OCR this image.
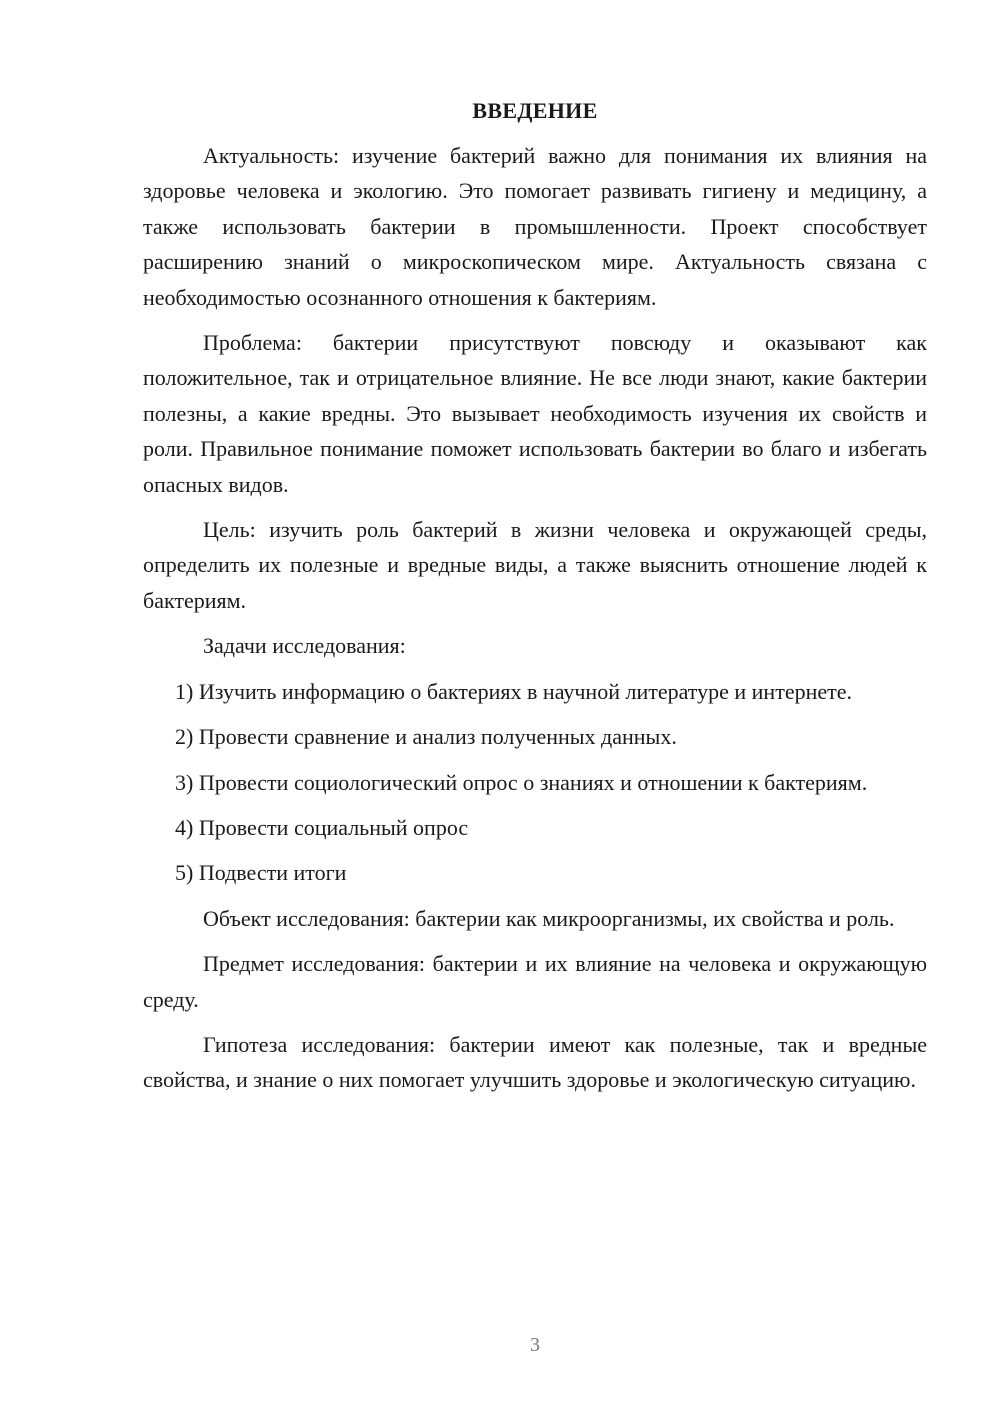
ВВЕДЕНИЕ

Актуальность: изучение бактерий важно для понимания их влияния на здоровье человека и экологию. Это помогает развивать гигиену и медицину, а также использовать бактерии в промышленности. Проект способствует расширению знаний о микроскопическом мире. Актуальность связана с необходимостью осознанного отношения к бактериям.

Проблема: бактерии присутствуют повсюду и оказывают как положительное, так и отрицательное влияние. Не все люди знают, какие бактерии полезны, а какие вредны. Это вызывает необходимость изучения их свойств и роли. Правильное понимание поможет использовать бактерии во благо и избегать опасных видов.

Цель: изучить роль бактерий в жизни человека и окружающей среды, определить их полезные и вредные виды, а также выяснить отношение людей к бактериям.

Задачи исследования:

1) Изучить информацию о бактериях в научной литературе и интернете.

2) Провести сравнение и анализ полученных данных.

3) Провести социологический опрос о знаниях и отношении к бактериям.

4) Провести социальный опрос

5) Подвести итоги

Объект исследования: бактерии как микроорганизмы, их свойства и роль.

Предмет исследования: бактерии и их влияние на человека и окружающую среду.

Гипотеза исследования: бактерии имеют как полезные, так и вредные свойства, и знание о них помогает улучшить здоровье и экологическую ситуацию.

3
